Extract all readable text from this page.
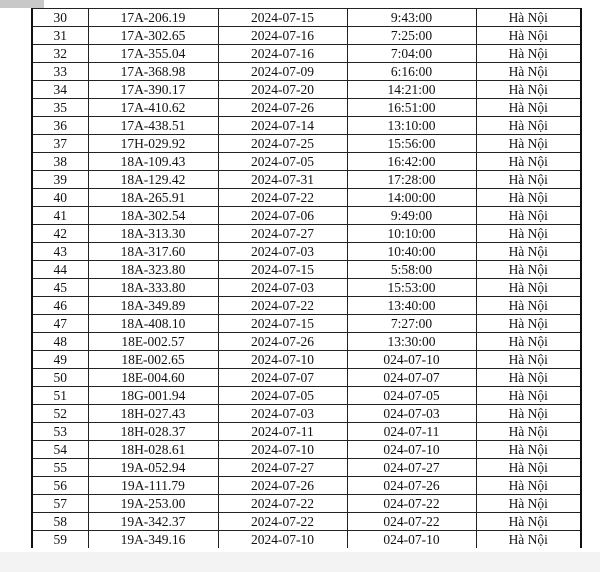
30	17A-206.19	2024-07-15	9:43:00	Hà Nội
31	17A-302.65	2024-07-16	7:25:00	Hà Nội
32	17A-355.04	2024-07-16	7:04:00	Hà Nội
33	17A-368.98	2024-07-09	6:16:00	Hà Nội
34	17A-390.17	2024-07-20	14:21:00	Hà Nội
35	17A-410.62	2024-07-26	16:51:00	Hà Nội
36	17A-438.51	2024-07-14	13:10:00	Hà Nội
37	17H-029.92	2024-07-25	15:56:00	Hà Nội
38	18A-109.43	2024-07-05	16:42:00	Hà Nội
39	18A-129.42	2024-07-31	17:28:00	Hà Nội
40	18A-265.91	2024-07-22	14:00:00	Hà Nội
41	18A-302.54	2024-07-06	9:49:00	Hà Nội
42	18A-313.30	2024-07-27	10:10:00	Hà Nội
43	18A-317.60	2024-07-03	10:40:00	Hà Nội
44	18A-323.80	2024-07-15	5:58:00	Hà Nội
45	18A-333.80	2024-07-03	15:53:00	Hà Nội
46	18A-349.89	2024-07-22	13:40:00	Hà Nội
47	18A-408.10	2024-07-15	7:27:00	Hà Nội
48	18E-002.57	2024-07-26	13:30:00	Hà Nội
49	18E-002.65	2024-07-10	024-07-10	Hà Nội
50	18E-004.60	2024-07-07	024-07-07	Hà Nội
51	18G-001.94	2024-07-05	024-07-05	Hà Nội
52	18H-027.43	2024-07-03	024-07-03	Hà Nội
53	18H-028.37	2024-07-11	024-07-11	Hà Nội
54	18H-028.61	2024-07-10	024-07-10	Hà Nội
55	19A-052.94	2024-07-27	024-07-27	Hà Nội
56	19A-111.79	2024-07-26	024-07-26	Hà Nội
57	19A-253.00	2024-07-22	024-07-22	Hà Nội
58	19A-342.37	2024-07-22	024-07-22	Hà Nội
59	19A-349.16	2024-07-10	024-07-10	Hà Nội
